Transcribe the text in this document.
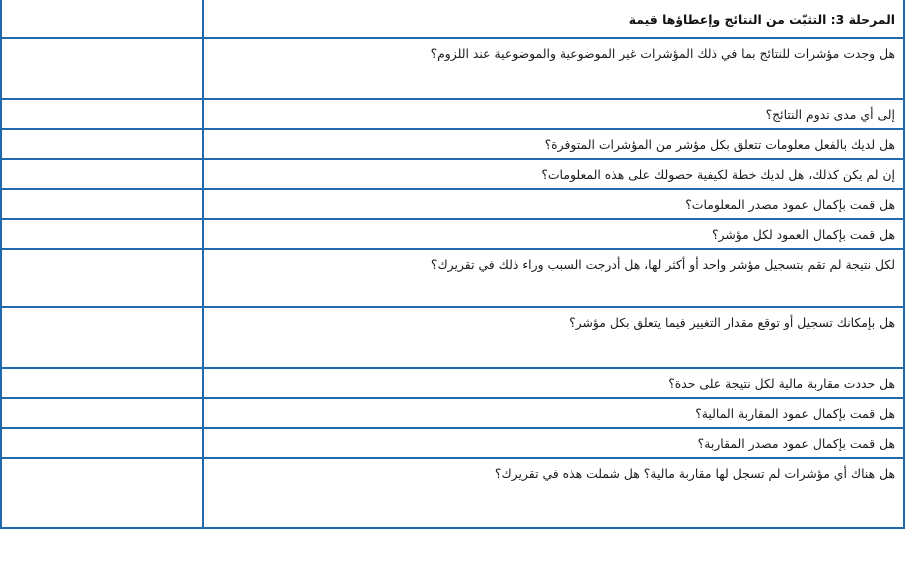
	المرحلة 3: التثبّت من النتائج وإعطاؤها قيمة
	هل وجدت مؤشرات للنتائج بما في ذلك المؤشرات غير الموضوعية والموضوعية عند اللزوم؟
	إلى أي مدى تدوم النتائج؟
	هل لديك بالفعل معلومات تتعلق بكل مؤشر من المؤشرات المتوفرة؟
	إن لم يكن كذلك، هل لديك خطة لكيفية حصولك على هذه المعلومات؟
	هل قمت بإكمال عمود مصدر المعلومات؟
	هل قمت بإكمال العمود لكل مؤشر؟
	لكل نتيجة لم تقم بتسجيل مؤشر واحد أو أكثر لها، هل أدرجت السبب وراء ذلك في تقريرك؟
	هل بإمكانك تسجيل أو توقع مقدار التغيير فيما يتعلق بكل مؤشر؟
	هل حددت مقاربة مالية لكل نتيجة على حدة؟
	هل قمت بإكمال عمود المقاربة المالية؟
	هل قمت بإكمال عمود مصدر المقاربة؟
	هل هناك أي مؤشرات لم تسجل لها مقاربة مالية؟ هل شملت هذه في تقريرك؟
